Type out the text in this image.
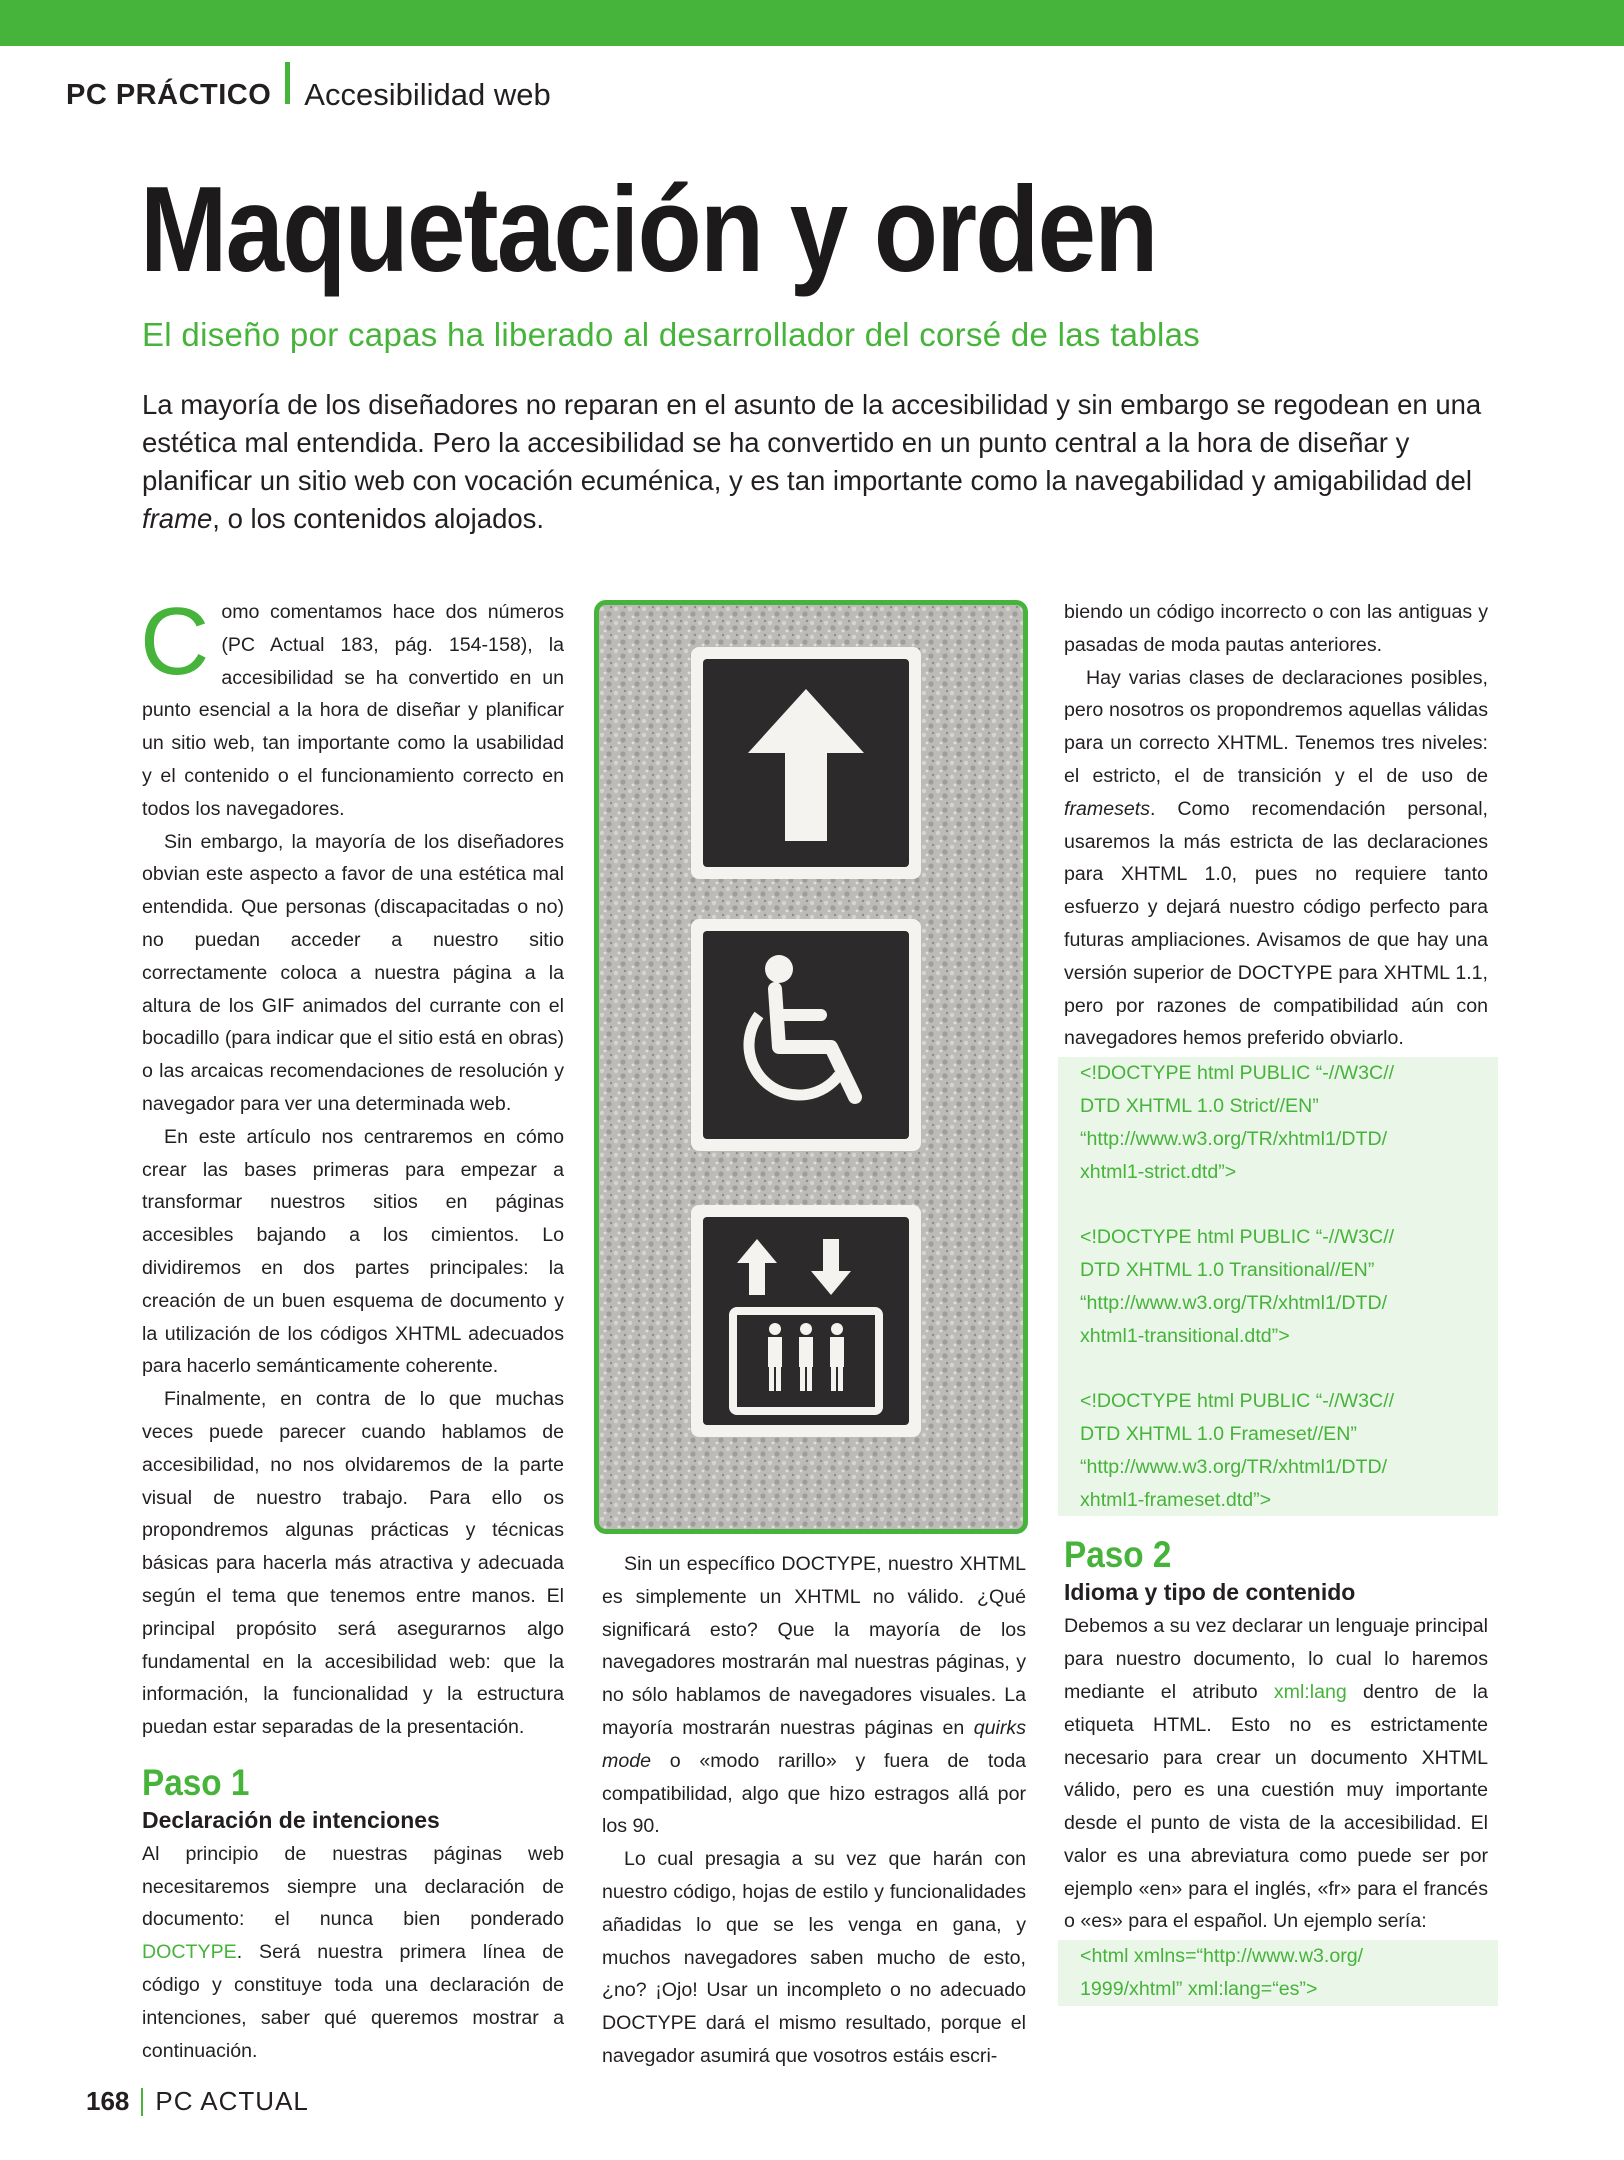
PC PRÁCTICO Accesibilidad web
Maquetación y orden
El diseño por capas ha liberado al desarrollador del corsé de las tablas
La mayoría de los diseñadores no reparan en el asunto de la accesibilidad y sin embargo se regodean en una estética mal entendida. Pero la accesibilidad se ha convertido en un punto central a la hora de diseñar y planificar un sitio web con vocación ecuménica, y es tan importante como la navegabilidad y amigabilidad del frame, o los contenidos alojados.

Como comentamos hace dos números (PC Actual 183, pág. 154-158), la accesibilidad se ha convertido en un punto esencial a la hora de diseñar y planificar un sitio web, tan importante como la usabilidad y el contenido o el funcionamiento correcto en todos los navegadores.

Sin embargo, la mayoría de los diseñadores obvian este aspecto a favor de una estética mal entendida. Que personas (discapacitadas o no) no puedan acceder a nuestro sitio correctamente coloca a nuestra página a la altura de los GIF animados del currante con el bocadillo (para indicar que el sitio está en obras) o las arcaicas recomendaciones de resolución y navegador para ver una determinada web.

En este artículo nos centraremos en cómo crear las bases primeras para empezar a transformar nuestros sitios en páginas accesibles bajando a los cimientos. Lo dividiremos en dos partes principales: la creación de un buen esquema de documento y la utilización de los códigos XHTML adecuados para hacerlo semánticamente coherente.

Finalmente, en contra de lo que muchas veces puede parecer cuando hablamos de accesibilidad, no nos olvidaremos de la parte visual de nuestro trabajo. Para ello os propondremos algunas prácticas y técnicas básicas para hacerla más atractiva y adecuada según el tema que tenemos entre manos. El principal propósito será asegurarnos algo fundamental en la accesibilidad web: que la información, la funcionalidad y la estructura puedan estar separadas de la presentación.

Paso 1
Declaración de intenciones

Al principio de nuestras páginas web necesitaremos siempre una declaración de documento: el nunca bien ponderado DOCTYPE. Será nuestra primera línea de código y constituye toda una declaración de intenciones, saber qué queremos mostrar a continuación.

Sin un específico DOCTYPE, nuestro XHTML es simplemente un XHTML no válido. ¿Qué significará esto? Que la mayoría de los navegadores mostrarán mal nuestras páginas, y no sólo hablamos de navegadores visuales. La mayoría mostrarán nuestras páginas en quirks mode o «modo rarillo» y fuera de toda compatibilidad, algo que hizo estragos allá por los 90.

Lo cual presagia a su vez que harán con nuestro código, hojas de estilo y funcionalidades añadidas lo que se les venga en gana, y muchos navegadores saben mucho de esto, ¿no? ¡Ojo! Usar un incompleto o no adecuado DOCTYPE dará el mismo resultado, porque el navegador asumirá que vosotros estáis escri-

biendo un código incorrecto o con las antiguas y pasadas de moda pautas anteriores.

Hay varias clases de declaraciones posibles, pero nosotros os propondremos aquellas válidas para un correcto XHTML. Tenemos tres niveles: el estricto, el de transición y el de uso de framesets. Como recomendación personal, usaremos la más estricta de las declaraciones para XHTML 1.0, pues no requiere tanto esfuerzo y dejará nuestro código perfecto para futuras ampliaciones. Avisamos de que hay una versión superior de DOCTYPE para XHTML 1.1, pero por razones de compatibilidad aún con navegadores hemos preferido obviarlo.

<!DOCTYPE html PUBLIC “-//W3C//
DTD XHTML 1.0 Strict//EN”
“http://www.w3.org/TR/xhtml1/DTD/
xhtml1-strict.dtd”>
<!DOCTYPE html PUBLIC “-//W3C//
DTD XHTML 1.0 Transitional//EN”
“http://www.w3.org/TR/xhtml1/DTD/
xhtml1-transitional.dtd”>
<!DOCTYPE html PUBLIC “-//W3C//
DTD XHTML 1.0 Frameset//EN”
“http://www.w3.org/TR/xhtml1/DTD/
xhtml1-frameset.dtd”>
Paso 2
Idioma y tipo de contenido

Debemos a su vez declarar un lenguaje principal para nuestro documento, lo cual lo haremos mediante el atributo xml:lang dentro de la etiqueta HTML. Esto no es estrictamente necesario para crear un documento XHTML válido, pero es una cuestión muy importante desde el punto de vista de la accesibilidad. El valor es una abreviatura como puede ser por ejemplo «en» para el inglés, «fr» para el francés o «es» para el español. Un ejemplo sería:

<html xmlns=“http://www.w3.org/
1999/xhtml” xml:lang=“es”>
168 PC ACTUAL
